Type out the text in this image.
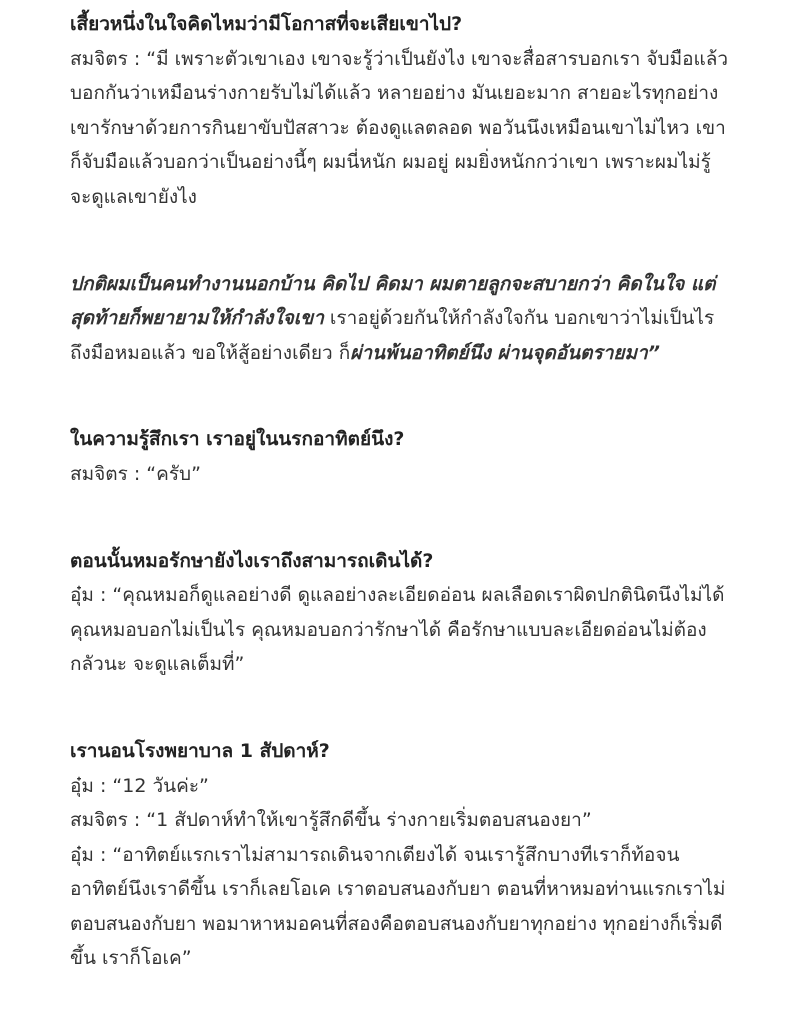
เสี้ยวหนึ่งในใจคิดไหมว่ามีโอกาสที่จะเสียเขาไป?

สมจิตร : “มี เพราะตัวเขาเอง เขาจะรู้ว่าเป็นยังไง เขาจะสื่อสารบอกเรา จับมือแล้วบอกกันว่าเหมือนร่างกายรับไม่ได้แล้ว หลายอย่าง มันเยอะมาก สายอะไรทุกอย่าง เขารักษาด้วยการกินยาขับปัสสาวะ ต้องดูแลตลอด พอวันนึงเหมือนเขาไม่ไหว เขาก็จับมือแล้วบอกว่าเป็นอย่างนี้ๆ ผมนี่หนัก ผมอยู่ ผมยิ่งหนักกว่าเขา เพราะผมไม่รู้จะดูแลเขายังไง

ปกติผมเป็นคนทำงานนอกบ้าน คิดไป คิดมา ผมตายลูกจะสบายกว่า คิดในใจ แต่สุดท้ายก็พยายามให้กำลังใจเขา เราอยู่ด้วยกันให้กำลังใจกัน บอกเขาว่าไม่เป็นไรถึงมือหมอแล้ว ขอให้สู้อย่างเดียว ก็ผ่านพ้นอาทิตย์นึง ผ่านจุดอันตรายมา”

ในความรู้สึกเรา เราอยู่ในนรกอาทิตย์นึง?

สมจิตร : “ครับ”

ตอนนั้นหมอรักษายังไงเราถึงสามารถเดินได้?

อุ๋ม : “คุณหมอก็ดูแลอย่างดี ดูแลอย่างละเอียดอ่อน ผลเลือดเราผิดปกตินิดนึงไม่ได้ คุณหมอบอกไม่เป็นไร คุณหมอบอกว่ารักษาได้ คือรักษาแบบละเอียดอ่อนไม่ต้องกลัวนะ จะดูแลเต็มที่”

เรานอนโรงพยาบาล 1 สัปดาห์?

อุ๋ม : “12 วันค่ะ”

สมจิตร : “1 สัปดาห์ทำให้เขารู้สึกดีขึ้น ร่างกายเริ่มตอบสนองยา”

อุ๋ม : “อาทิตย์แรกเราไม่สามารถเดินจากเตียงได้ จนเรารู้สึกบางทีเราก็ท้อจนอาทิตย์นึงเราดีขึ้น เราก็เลยโอเค เราตอบสนองกับยา ตอนที่หาหมอท่านแรกเราไม่ตอบสนองกับยา พอมาหาหมอคนที่สองคือตอบสนองกับยาทุกอย่าง ทุกอย่างก็เริ่มดีขึ้น เราก็โอเค”
